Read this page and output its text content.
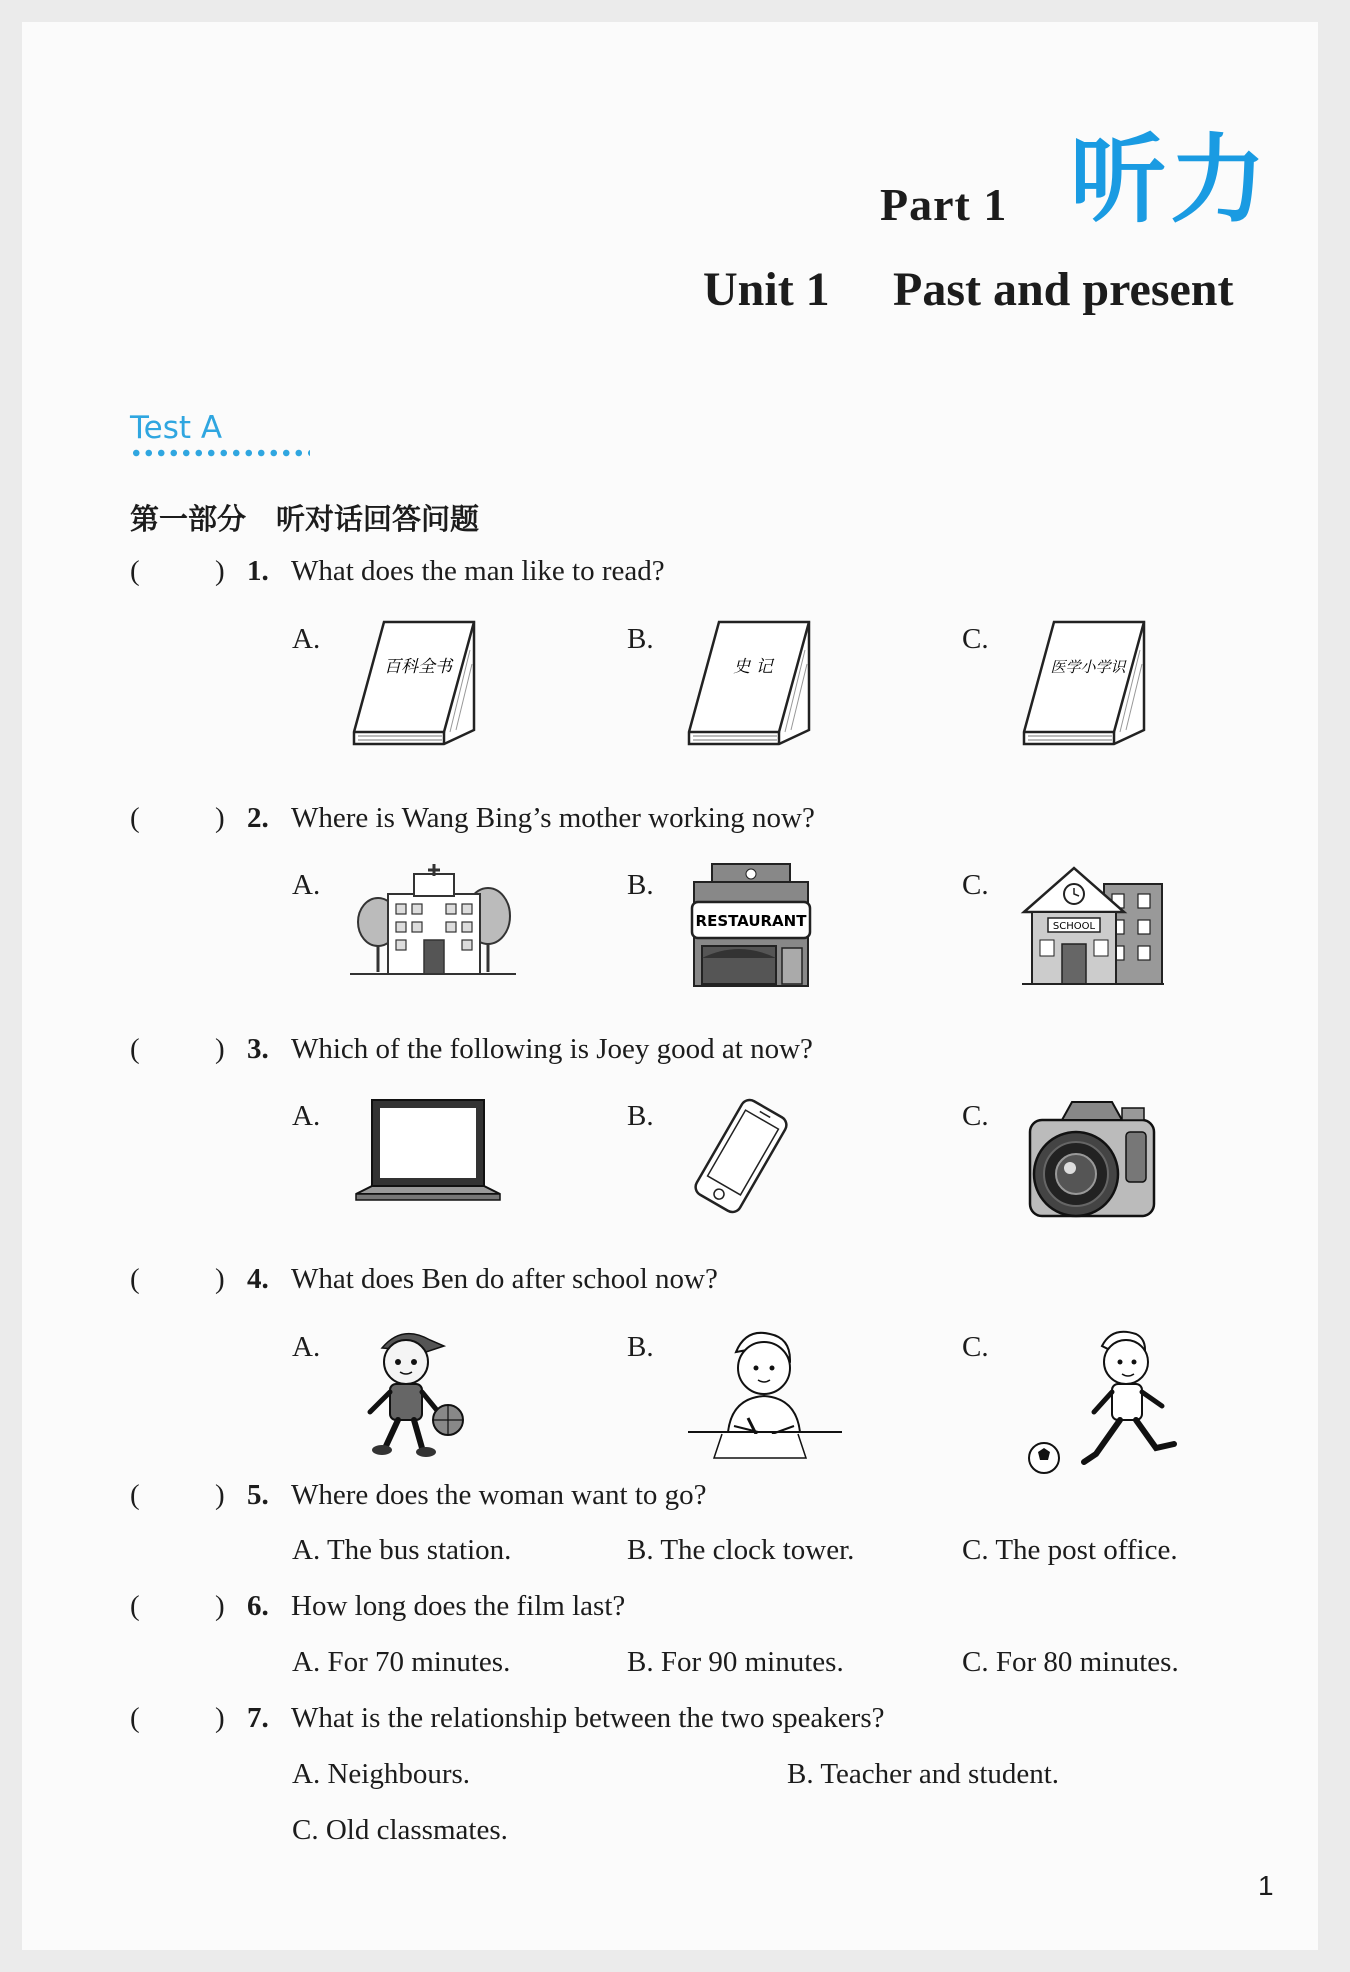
Part 1 听力
Unit 1 Past and present
Test A
第一部分 听对话回答问题
(	) 1. What does the man like to read?
A.	B.	C.
百科全书	史 记	医学小学识
(	) 2. Where is Wang Bing’s mother working now?
A.	B.	C.
RESTAURANT	SCHOOL
(	) 3. Which of the following is Joey good at now?
A.	B.	C.
(	) 4. What does Ben do after school now?
A.	B.	C.
(	) 5. Where does the woman want to go?
A. The bus station.	B. The clock tower.	C. The post office.
(	) 6. How long does the film last?
A. For 70 minutes.	B. For 90 minutes.	C. For 80 minutes.
(	) 7. What is the relationship between the two speakers?
A. Neighbours.	B. Teacher and student.
C. Old classmates.
1
